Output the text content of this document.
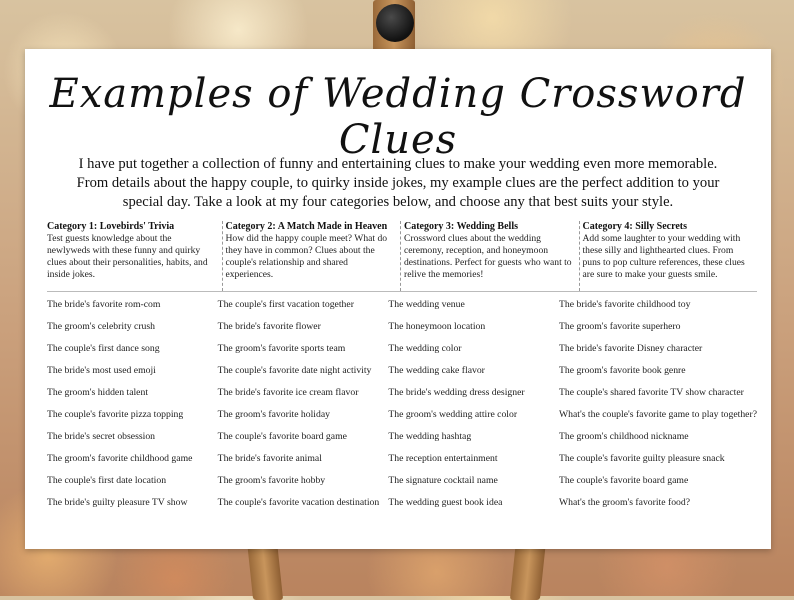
Examples of Wedding Crossword Clues
I have put together a collection of funny and entertaining clues to make your wedding even more memorable. From details about the happy couple, to quirky inside jokes, my example clues are the perfect addition to your special day. Take a look at my four categories below, and choose any that best suits your style.
Category 1: Lovebirds' Trivia
Test guests knowledge about the newlyweds with these funny and quirky clues about their personalities, habits, and inside jokes.
Category 2: A Match Made in Heaven
How did the happy couple meet? What do they have in common? Clues about the couple's relationship and shared experiences.
Category 3: Wedding Bells
Crossword clues about the wedding ceremony, reception, and honeymoon destinations. Perfect for guests who want to relive the memories!
Category 4: Silly Secrets
Add some laughter to your wedding with these silly and lighthearted clues. From puns to pop culture references, these clues are sure to make your guests smile.
The bride's favorite rom-com
The groom's celebrity crush
The couple's first dance song
The bride's most used emoji
The groom's hidden talent
The couple's favorite pizza topping
The bride's secret obsession
The groom's favorite childhood game
The couple's first date location
The bride's guilty pleasure TV show
The couple's first vacation together
The bride's favorite flower
The groom's favorite sports team
The couple's favorite date night activity
The bride's favorite ice cream flavor
The groom's favorite holiday
The couple's favorite board game
The bride's favorite animal
The groom's favorite hobby
The couple's favorite vacation destination
The wedding venue
The honeymoon location
The wedding color
The wedding cake flavor
The bride's wedding dress designer
The groom's wedding attire color
The wedding hashtag
The reception entertainment
The signature cocktail name
The wedding guest book idea
The bride's favorite childhood toy
The groom's favorite superhero
The bride's favorite Disney character
The groom's favorite book genre
The couple's shared favorite TV show character
What's the couple's favorite game to play together?
The groom's childhood nickname
The couple's favorite guilty pleasure snack
The couple's favorite board game
What's the groom's favorite food?
